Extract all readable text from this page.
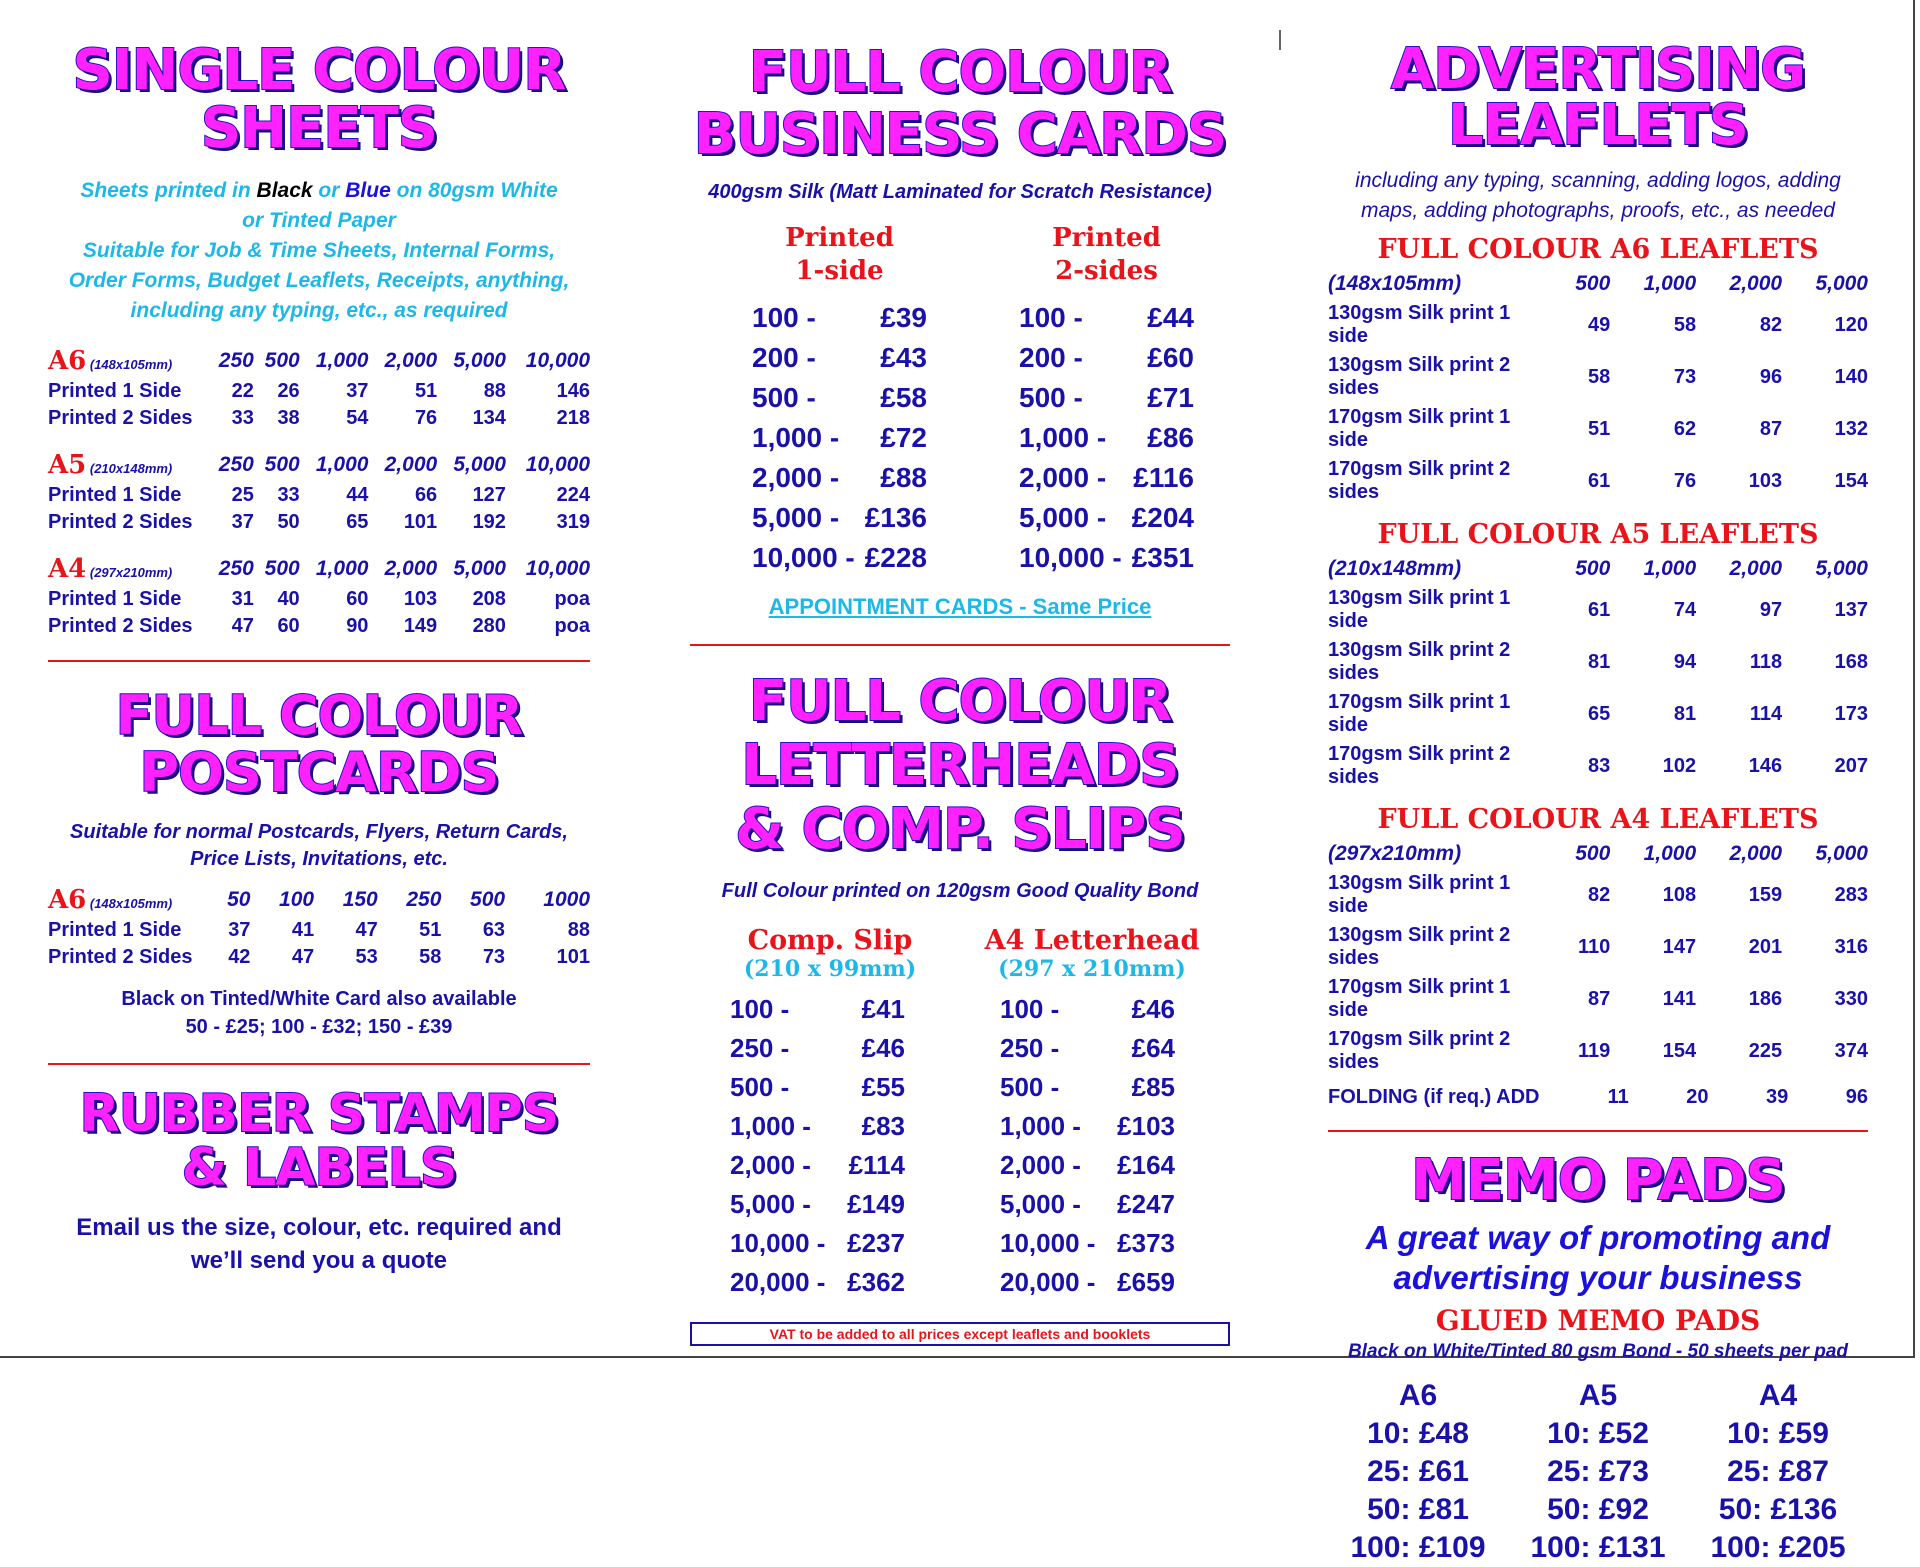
SINGLE COLOUR
SHEETS
Sheets printed in Black or Blue on 80gsm White
or Tinted Paper
Suitable for Job & Time Sheets, Internal Forms,
Order Forms, Budget Leaflets, Receipts, anything,
including any typing, etc., as required
A6 (148x105mm)	250	500	1,000	2,000	5,000	10,000
Printed 1 Side	22	26	37	51	88	146
Printed 2 Sides	33	38	54	76	134	218
A5 (210x148mm)	250	500	1,000	2,000	5,000	10,000
Printed 1 Side	25	33	44	66	127	224
Printed 2 Sides	37	50	65	101	192	319
A4 (297x210mm)	250	500	1,000	2,000	5,000	10,000
Printed 1 Side	31	40	60	103	208	poa
Printed 2 Sides	47	60	90	149	280	poa
FULL COLOUR
POSTCARDS
Suitable for normal Postcards, Flyers, Return Cards,
Price Lists, Invitations, etc.
A6 (148x105mm)	50	100	150	250	500	1000
Printed 1 Side	37	41	47	51	63	88
Printed 2 Sides	42	47	53	58	73	101
Black on Tinted/White Card also available
50 - £25; 100 - £32; 150 - £39
RUBBER STAMPS
& LABELS
Email us the size, colour, etc. required and
we’ll send you a quote
FULL COLOUR
BUSINESS CARDS
400gsm Silk (Matt Laminated for Scratch Resistance)
Printed
1-side
100 -	£39
200 -	£43
500 -	£58
1,000 -	£72
2,000 -	£88
5,000 -	£136
10,000 -	£228
Printed
2-sides
100 -	£44
200 -	£60
500 -	£71
1,000 -	£86
2,000 -	£116
5,000 -	£204
10,000 -	£351
APPOINTMENT CARDS - Same Price
FULL COLOUR
LETTERHEADS
& COMP. SLIPS
Full Colour printed on 120gsm Good Quality Bond
Comp. Slip
(210 x 99mm)
100 -	£41
250 -	£46
500 -	£55
1,000 -	£83
2,000 -	£114
5,000 -	£149
10,000 -	£237
20,000 -	£362
A4 Letterhead
(297 x 210mm)
100 -	£46
250 -	£64
500 -	£85
1,000 -	£103
2,000 -	£164
5,000 -	£247
10,000 -	£373
20,000 -	£659
VAT to be added to all prices except leaflets and booklets
ADVERTISING
LEAFLETS
including any typing, scanning, adding logos, adding
maps, adding photographs, proofs, etc., as needed
FULL COLOUR A6 LEAFLETS
(148x105mm)	500	1,000	2,000	5,000
130gsm Silk print 1 side	49	58	82	120
130gsm Silk print 2 sides	58	73	96	140
170gsm Silk print 1 side	51	62	87	132
170gsm Silk print 2 sides	61	76	103	154
FULL COLOUR A5 LEAFLETS
(210x148mm)	500	1,000	2,000	5,000
130gsm Silk print 1 side	61	74	97	137
130gsm Silk print 2 sides	81	94	118	168
170gsm Silk print 1 side	65	81	114	173
170gsm Silk print 2 sides	83	102	146	207
FULL COLOUR A4 LEAFLETS
(297x210mm)	500	1,000	2,000	5,000
130gsm Silk print 1 side	82	108	159	283
130gsm Silk print 2 sides	110	147	201	316
170gsm Silk print 1 side	87	141	186	330
170gsm Silk print 2 sides	119	154	225	374
FOLDING (if req.) ADD	11	20	39	96
MEMO PADS
A great way of promoting and
advertising your business
GLUED MEMO PADS
Black on White/Tinted 80 gsm Bond - 50 sheets per pad
A6	A5	A4
10: £48	10: £52	10: £59
25: £61	25: £73	25: £87
50: £81	50: £92	50: £136
100: £109	100: £131	100: £205
